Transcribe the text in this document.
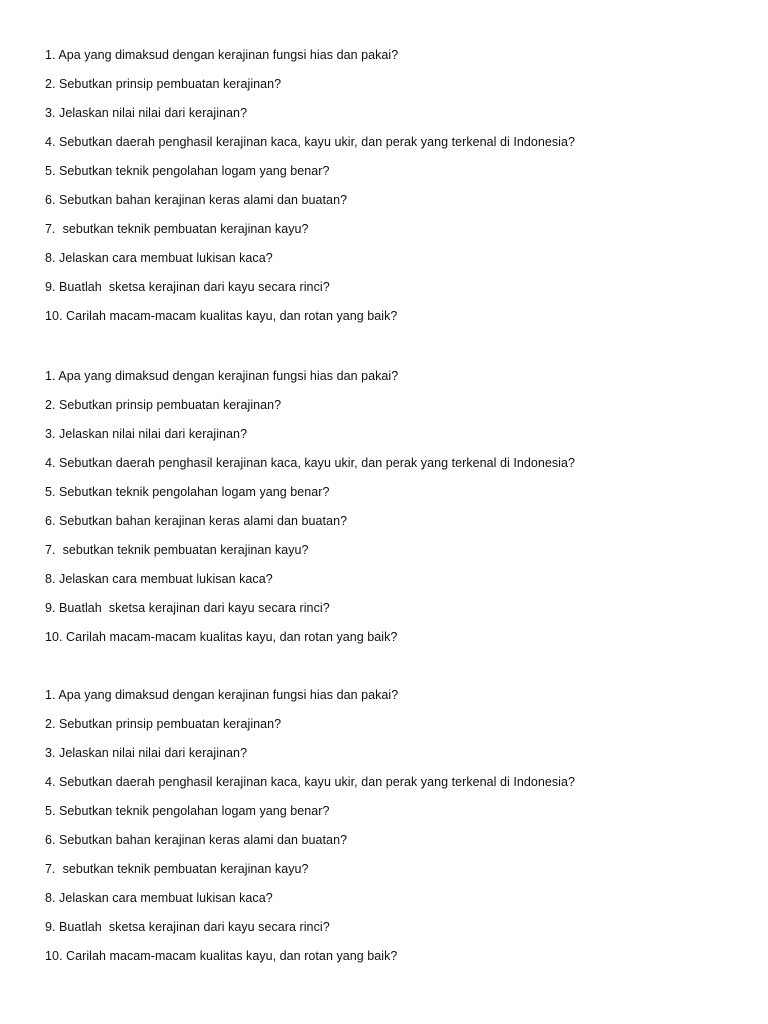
1. Apa yang dimaksud dengan kerajinan fungsi hias dan pakai?
2. Sebutkan prinsip pembuatan kerajinan?
3. Jelaskan nilai nilai dari kerajinan?
4. Sebutkan daerah penghasil kerajinan kaca, kayu ukir, dan perak yang terkenal di Indonesia?
5. Sebutkan teknik pengolahan logam yang benar?
6. Sebutkan bahan kerajinan keras alami dan buatan?
7.  sebutkan teknik pembuatan kerajinan kayu?
8. Jelaskan cara membuat lukisan kaca?
9. Buatlah  sketsa kerajinan dari kayu secara rinci?
10. Carilah macam-macam kualitas kayu, dan rotan yang baik?
1. Apa yang dimaksud dengan kerajinan fungsi hias dan pakai?
2. Sebutkan prinsip pembuatan kerajinan?
3. Jelaskan nilai nilai dari kerajinan?
4. Sebutkan daerah penghasil kerajinan kaca, kayu ukir, dan perak yang terkenal di Indonesia?
5. Sebutkan teknik pengolahan logam yang benar?
6. Sebutkan bahan kerajinan keras alami dan buatan?
7.  sebutkan teknik pembuatan kerajinan kayu?
8. Jelaskan cara membuat lukisan kaca?
9. Buatlah  sketsa kerajinan dari kayu secara rinci?
10. Carilah macam-macam kualitas kayu, dan rotan yang baik?
1. Apa yang dimaksud dengan kerajinan fungsi hias dan pakai?
2. Sebutkan prinsip pembuatan kerajinan?
3. Jelaskan nilai nilai dari kerajinan?
4. Sebutkan daerah penghasil kerajinan kaca, kayu ukir, dan perak yang terkenal di Indonesia?
5. Sebutkan teknik pengolahan logam yang benar?
6. Sebutkan bahan kerajinan keras alami dan buatan?
7.  sebutkan teknik pembuatan kerajinan kayu?
8. Jelaskan cara membuat lukisan kaca?
9. Buatlah  sketsa kerajinan dari kayu secara rinci?
10. Carilah macam-macam kualitas kayu, dan rotan yang baik?
